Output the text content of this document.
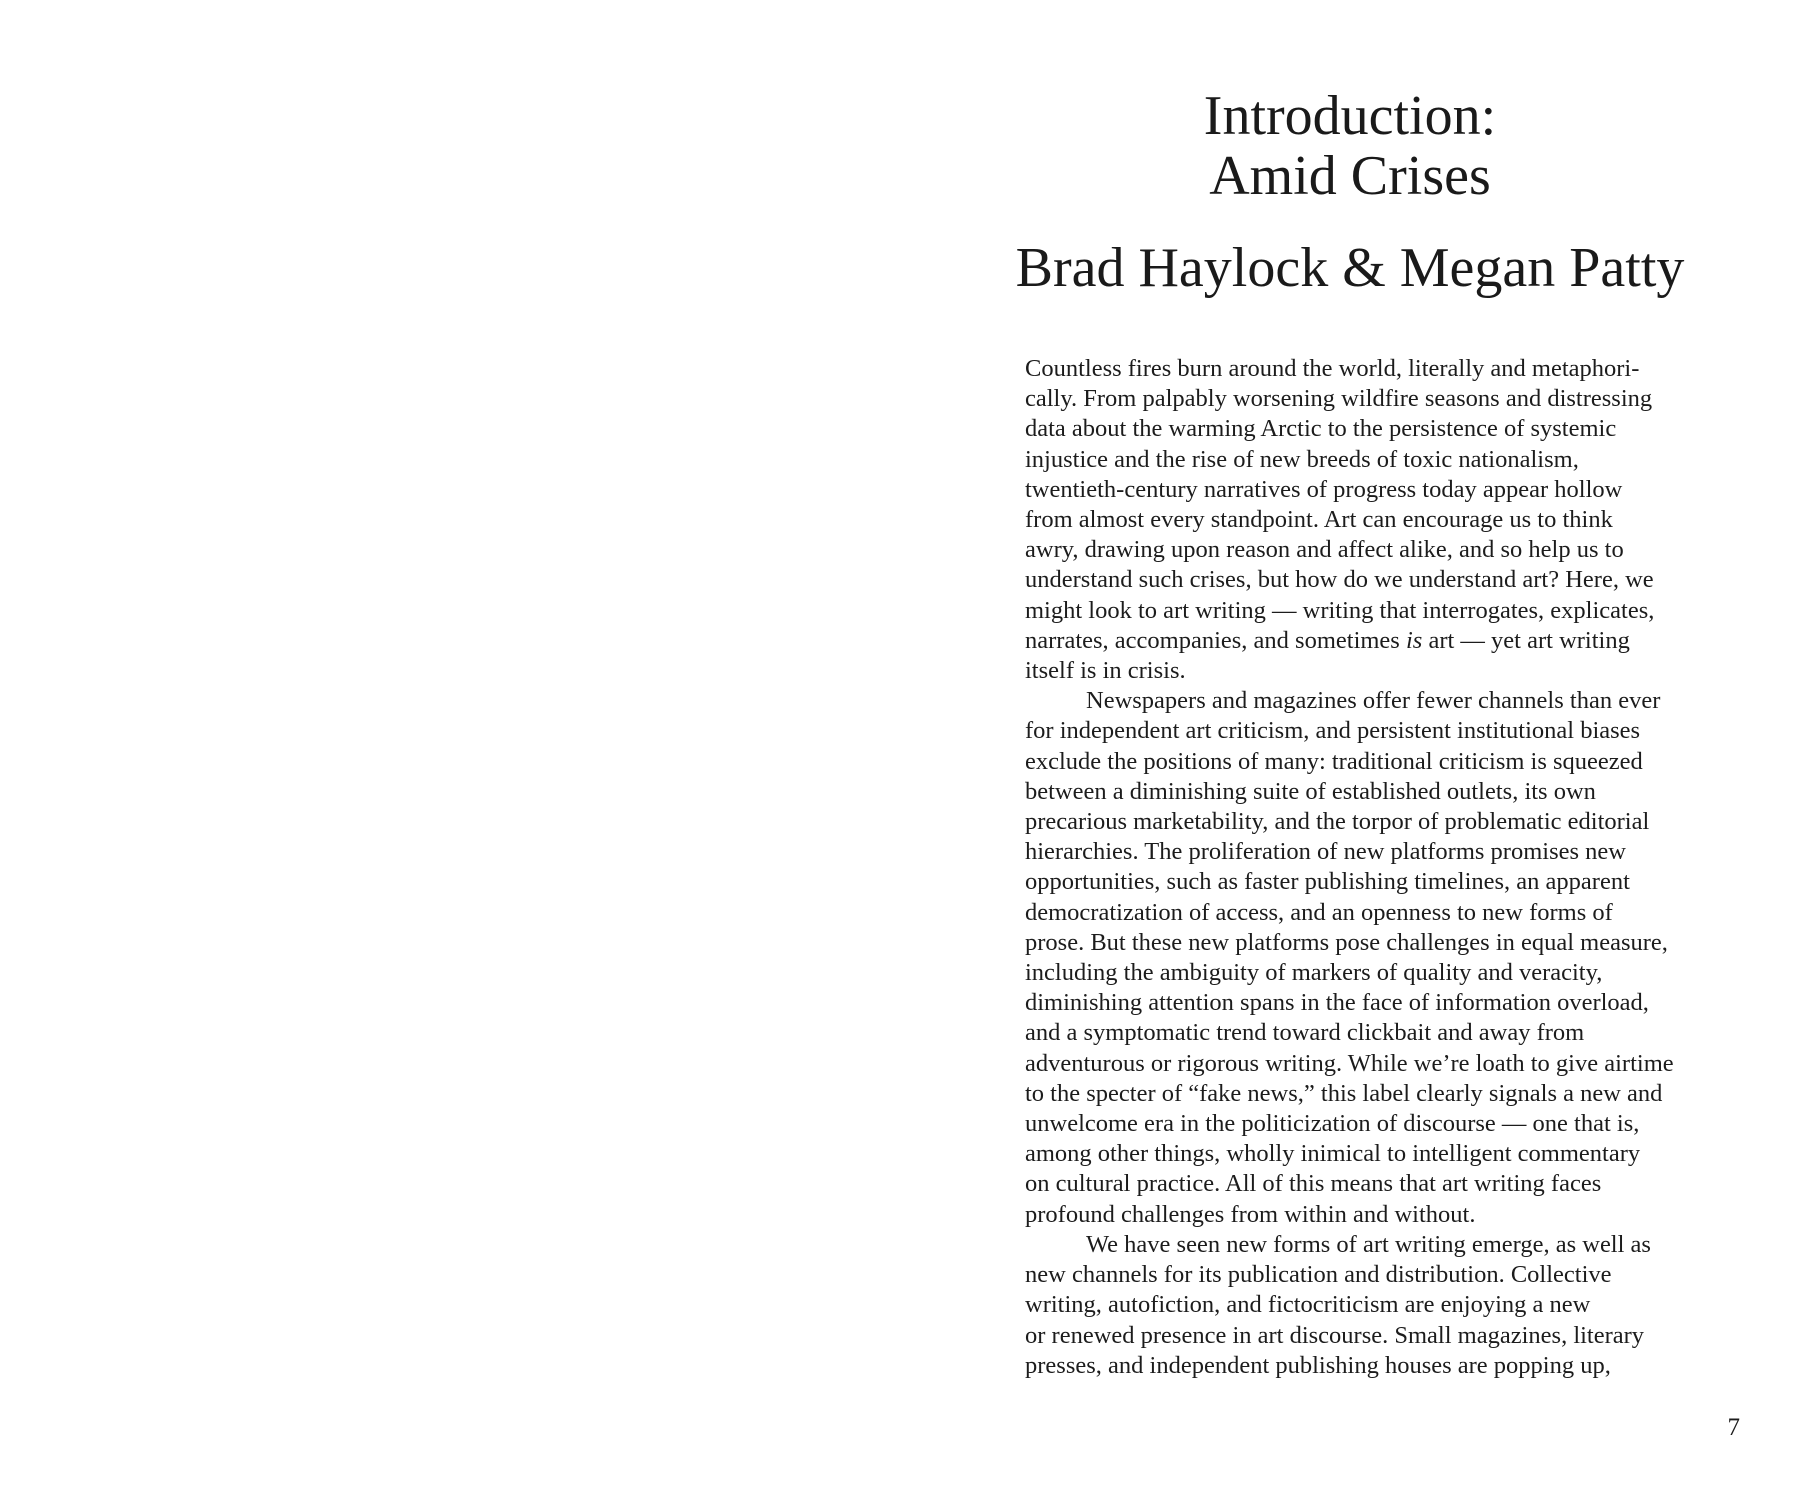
Introduction:
Amid Crises
Brad Haylock & Megan Patty

Countless fires burn around the world, literally and metaphori-
cally. From palpably worsening wildfire seasons and distressing
data about the warming Arctic to the persistence of systemic
injustice and the rise of new breeds of toxic nationalism,
twentieth-century narratives of progress today appear hollow
from almost every standpoint. Art can encourage us to think
awry, drawing upon reason and affect alike, and so help us to
understand such crises, but how do we understand art? Here, we
might look to art writing — writing that interrogates, explicates,
narrates, accompanies, and sometimes is art — yet art writing
itself is in crisis.

Newspapers and magazines offer fewer channels than ever
for independent art criticism, and persistent institutional biases
exclude the positions of many: traditional criticism is squeezed
between a diminishing suite of established outlets, its own
precarious marketability, and the torpor of problematic editorial
hierarchies. The proliferation of new platforms promises new
opportunities, such as faster publishing timelines, an apparent
democratization of access, and an openness to new forms of
prose. But these new platforms pose challenges in equal measure,
including the ambiguity of markers of quality and veracity,
diminishing attention spans in the face of information overload,
and a symptomatic trend toward clickbait and away from
adventurous or rigorous writing. While we’re loath to give airtime
to the specter of “fake news,” this label clearly signals a new and
unwelcome era in the politicization of discourse — one that is,
among other things, wholly inimical to intelligent commentary
on cultural practice. All of this means that art writing faces
profound challenges from within and without.

We have seen new forms of art writing emerge, as well as
new channels for its publication and distribution. Collective
writing, autofiction, and fictocriticism are enjoying a new
or renewed presence in art discourse. Small magazines, literary
presses, and independent publishing houses are popping up,

7
